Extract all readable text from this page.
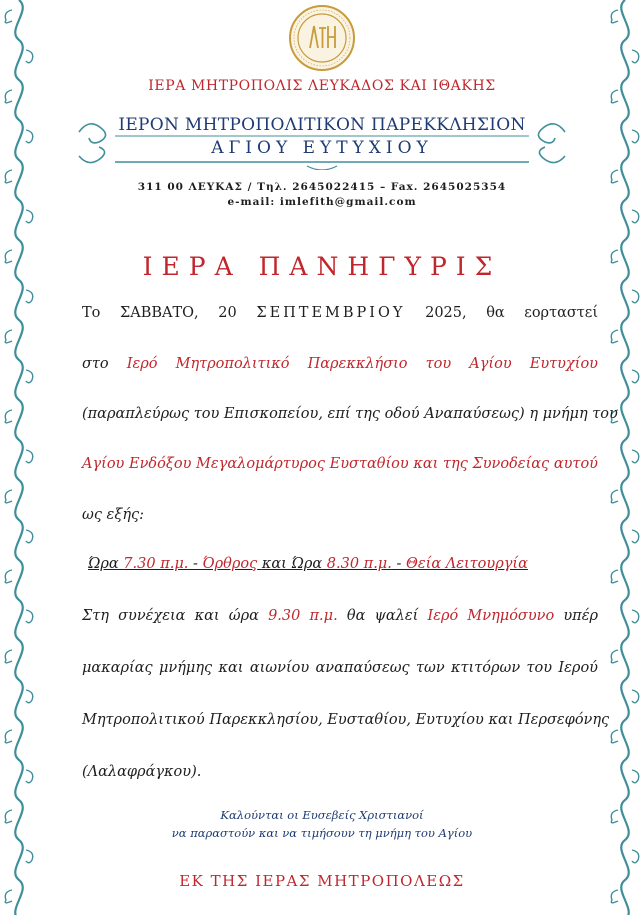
ΙΕΡΑ ΜΗΤΡΟΠΟΛΙΣ ΛΕΥΚΑΔΟΣ ΚΑΙ ΙΘΑΚΗΣ
ΙΕΡΟΝ ΜΗΤΡΟΠΟΛΙΤΙΚΟΝ ΠΑΡΕΚΚΛΗΣΙΟΝ
ΑΓΙΟΥ ΕΥΤΥΧΙΟΥ
311 00 ΛΕΥΚΑΣ / Τηλ. 2645022415 – Fax. 2645025354
e-mail: imlefith@gmail.com
ΙΕΡΑ ΠΑΝΗΓΥΡΙΣ
Το ΣΑΒΒΑΤΟ, 20 ΣΕΠΤΕΜΒΡΙΟΥ 2025, θα εορταστεί
στο Ιερό Μητροπολιτικό Παρεκκλήσιο του Αγίου Ευτυχίου
(παραπλεύρως του Επισκοπείου, επί της οδού Αναπαύσεως) η μνήμη του
Αγίου Ενδόξου Μεγαλομάρτυρος Ευσταθίου και της Συνοδείας αυτού
ως εξής:
Ώρα 7.30 π.μ. - Όρθρος και Ώρα 8.30 π.μ. - Θεία Λειτουργία
Στη συνέχεια και ώρα 9.30 π.μ. θα ψαλεί Ιερό Μνημόσυνο υπέρ
μακαρίας μνήμης και αιωνίου αναπαύσεως των κτιτόρων του Ιερού
Μητροπολιτικού Παρεκκλησίου, Ευσταθίου, Ευτυχίου και Περσεφόνης
(Λαλαφράγκου).
Καλούνται οι Ευσεβείς Χριστιανοί
να παραστούν και να τιμήσουν τη μνήμη του Αγίου
ΕΚ ΤΗΣ ΙΕΡΑΣ ΜΗΤΡΟΠΟΛΕΩΣ
